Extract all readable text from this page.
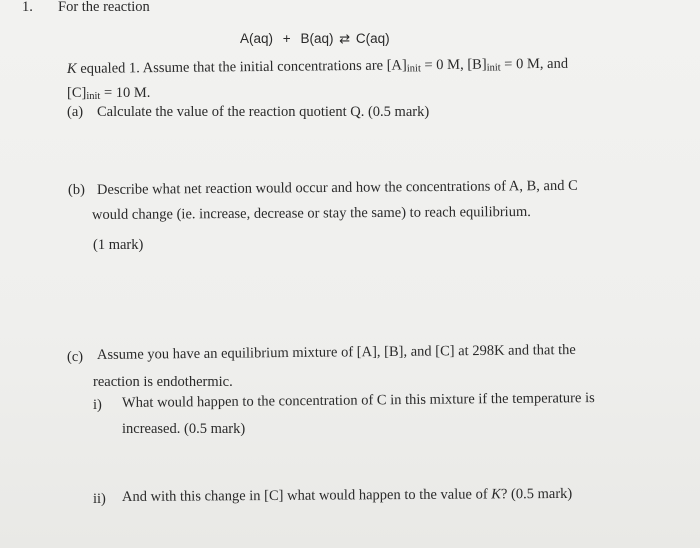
1. For the reaction
A(aq) + B(aq) ⇄ C(aq)
K equaled 1. Assume that the initial concentrations are $[A]_{init} = 0$ M, $[B]_{init} = 0$ M, and
$[C]_{init} = 10$ M.
(a) Calculate the value of the reaction quotient Q. (0.5 mark)
(b) Describe what net reaction would occur and how the concentrations of A, B, and C
would change (ie. increase, decrease or stay the same) to reach equilibrium.
(1 mark)
(c) Assume you have an equilibrium mixture of [A], [B], and [C] at 298K and that the
reaction is endothermic.
i) What would happen to the concentration of C in this mixture if the temperature is
increased. (0.5 mark)
ii) And with this change in [C] what would happen to the value of K? (0.5 mark)
